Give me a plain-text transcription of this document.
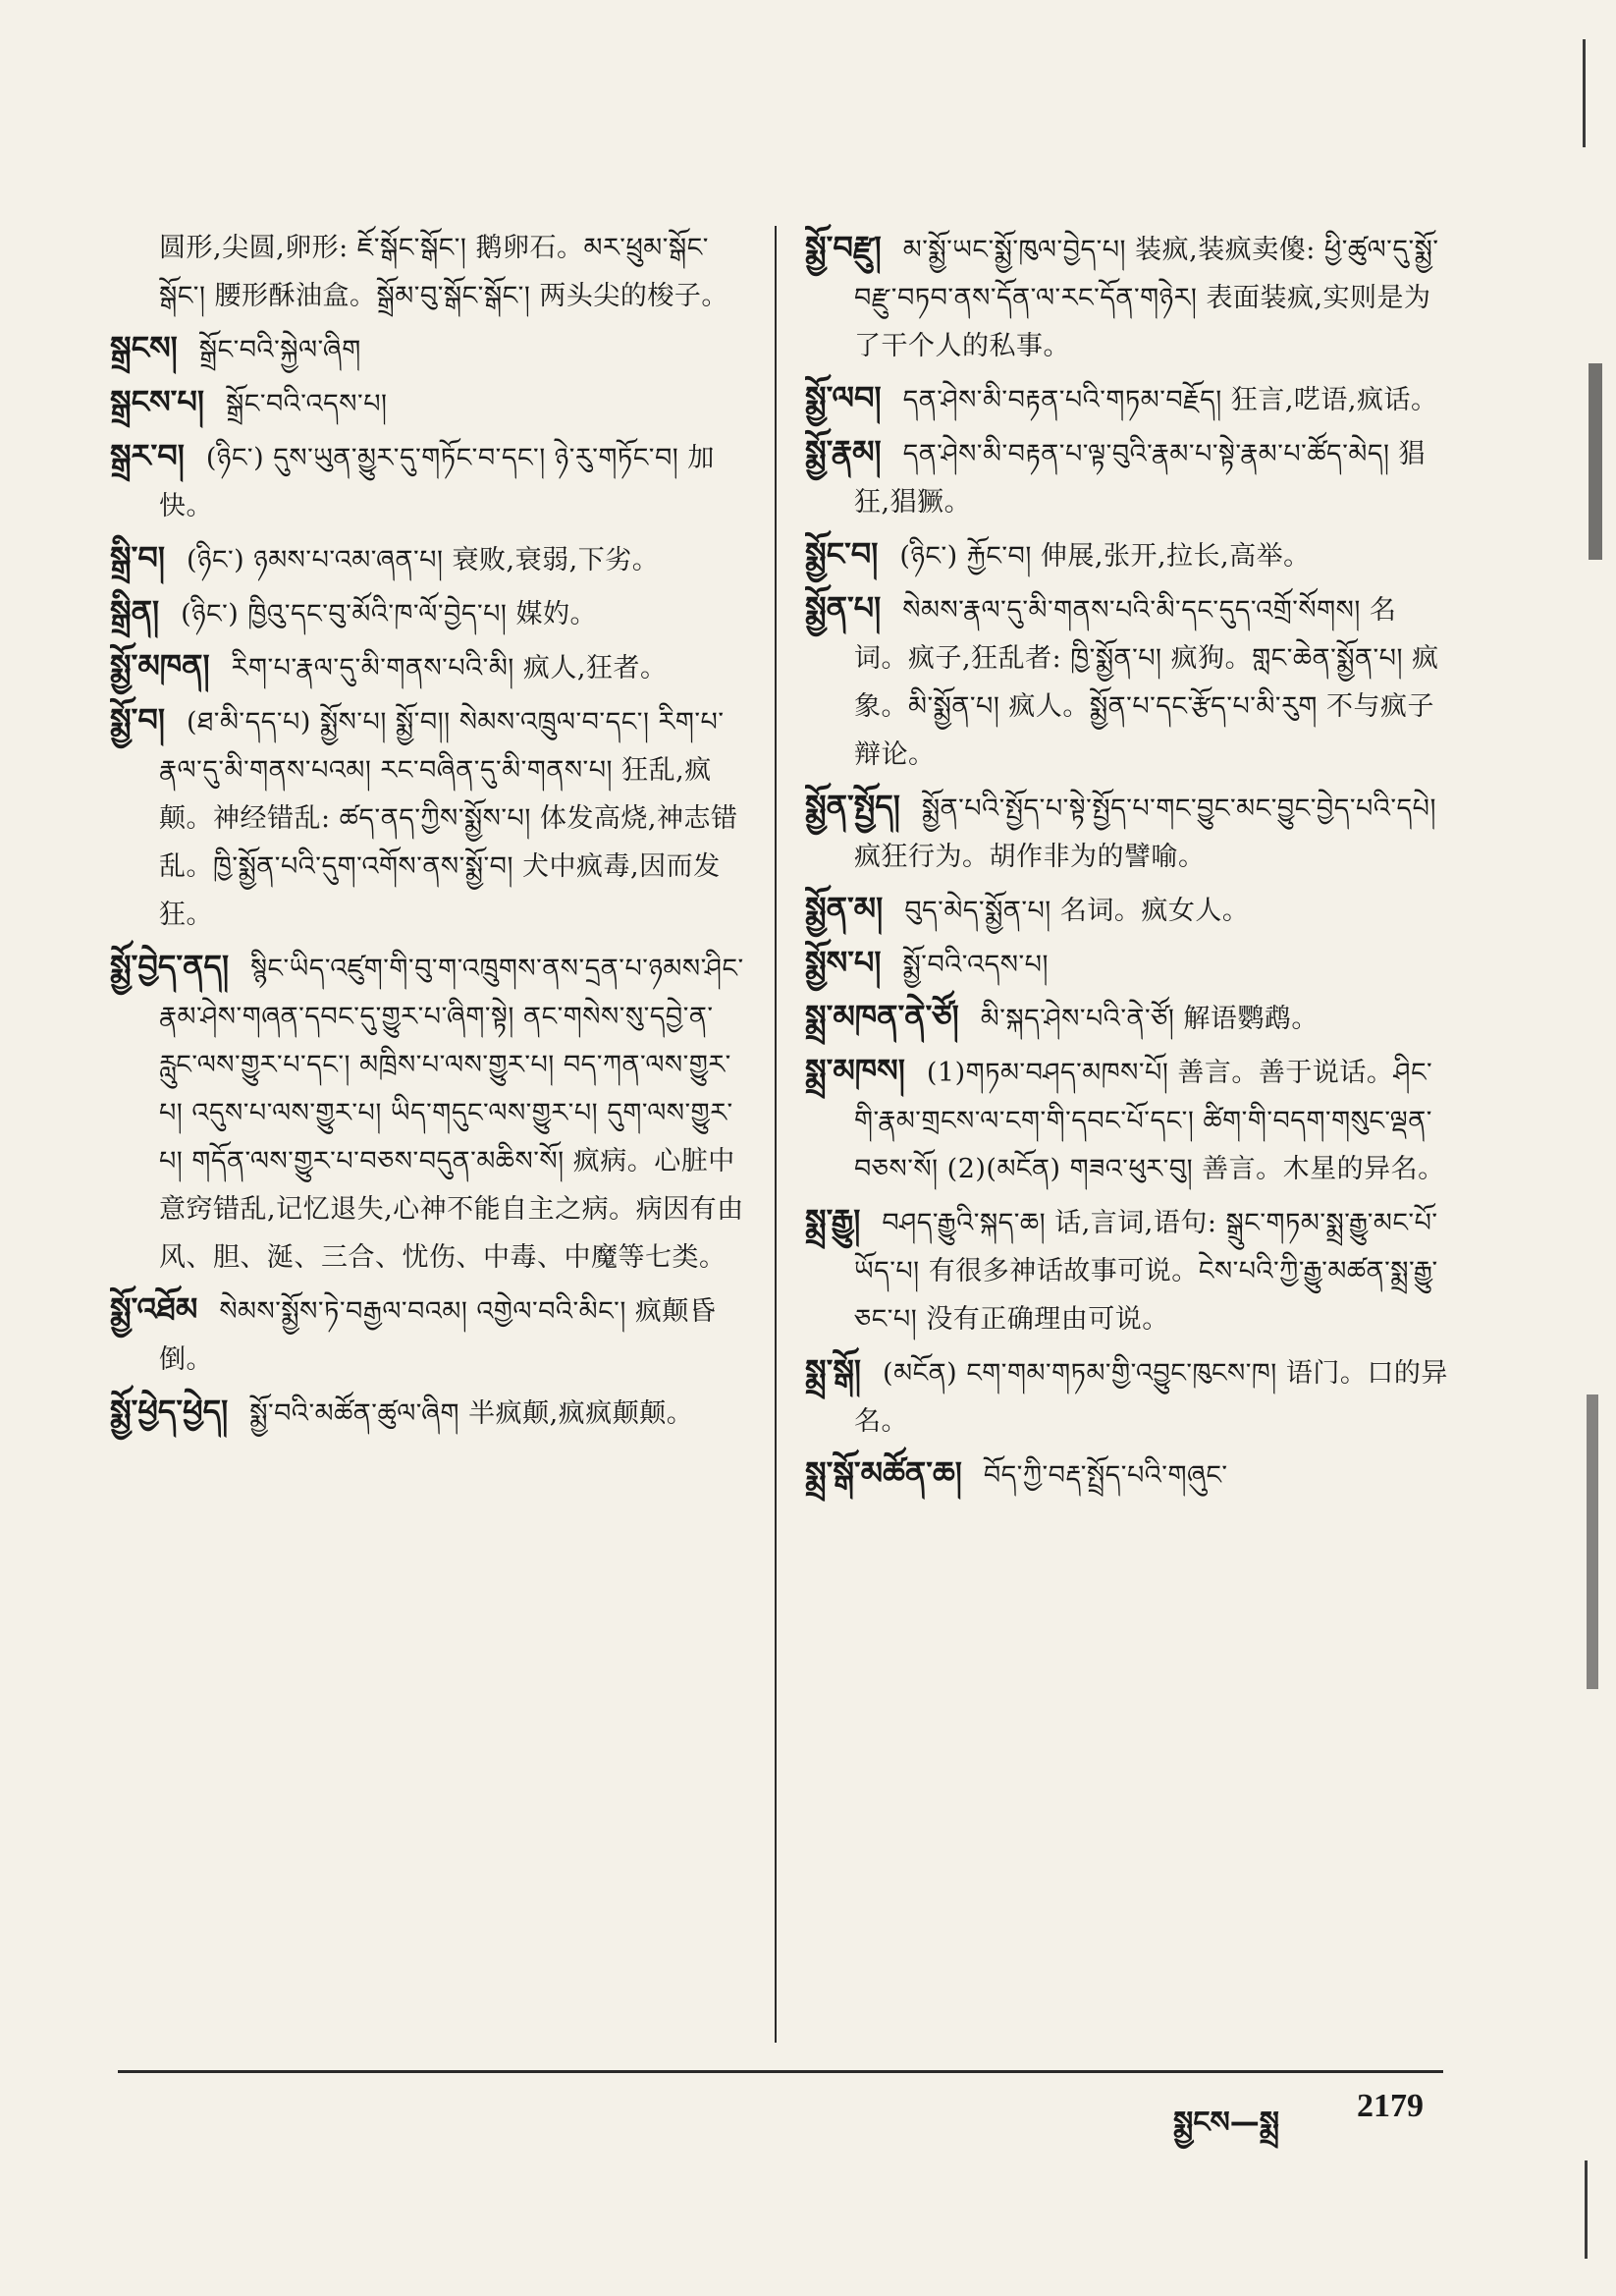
圆形,尖圆,卵形: ཇོ་སྒོང་སྒོང་། 鹅卵石。མར་ཕྲུམ་སྒོང་སྒོང་། 腰形酥油盒。སྒྲོམ་བུ་སྒོང་སྒོང་། 两头尖的梭子。
སྒྲངས། སྒྲོང་བའི་སྐྱེལ་ཞིག
སྒྲངས་པ། སྒྲོང་བའི་འདས་པ།
སྒྲར་བ། (ཉིང་) དུས་ཡུན་མྱུར་དུ་གཏོང་བ་དང་། ཉེ་རུ་གཏོང་བ། 加快。
སྒྲི་བ། (ཉིང་) ཉམས་པ་འམ་ཞན་པ། 衰败,衰弱,下劣。
སྒྲིན། (ཉིང་) ཁྱིའུ་དང་བུ་མོའི་ཁ་ལོ་བྱེད་པ། 媒妁。
སྨྱོ་མཁན། རིག་པ་རྣལ་དུ་མི་གནས་པའི་མི། 疯人,狂者。
སྨྱོ་བ། (ཐ་མི་དད་པ) སྨྱོས་པ། སྨྱོ་བ།། སེམས་འཁྲུལ་བ་དང་། རིག་པ་རྣལ་དུ་མི་གནས་པའམ། རང་བཞིན་དུ་མི་གནས་པ། 狂乱,疯颠。神经错乱: ཚད་ནད་ཀྱིས་སྨྱོས་པ། 体发高烧,神志错乱。ཁྱི་སྨྱོན་པའི་དུག་འགོས་ནས་སྨྱོ་བ། 犬中疯毒,因而发狂。
སྨྱོ་བྱེད་ནད། སྙིང་ཡིད་འཛུག་གི་བུ་ག་འཁྲུགས་ནས་དྲན་པ་ཉམས་ཤིང་རྣམ་ཤེས་གཞན་དབང་དུ་གྱུར་པ་ཞིག་སྟེ། ནང་གསེས་སུ་དབྱེ་ན་རླུང་ལས་གྱུར་པ་དང་། མཁྲིས་པ་ལས་གྱུར་པ། བད་ཀན་ལས་གྱུར་པ། འདུས་པ་ལས་གྱུར་པ། ཡིད་གདུང་ལས་གྱུར་པ། དུག་ལས་གྱུར་པ། གདོན་ལས་གྱུར་པ་བཅས་བདུན་མཆིས་སོ། 疯病。心脏中意窍错乱,记忆退失,心神不能自主之病。病因有由风、胆、涎、三合、忧伤、中毒、中魔等七类。
སྨྱོ་འཐོམ སེམས་སྨྱོས་ཏེ་བརྒྱལ་བའམ། འགྱེལ་བའི་མིང་། 疯颠昏倒。
སྨྱོ་ཕྱེད་ཕྱེད། སྨྱོ་བའི་མཚོན་ཚུལ་ཞིག 半疯颠,疯疯颠颠。
སྨྱོ་བརྫུ། མ་སྨྱོ་ཡང་སྨྱོ་ཁུལ་བྱེད་པ། 装疯,装疯卖傻: ཕྱི་ཚུལ་དུ་སྨྱོ་བརྫུ་བཏབ་ནས་དོན་ལ་རང་དོན་གཉེར། 表面装疯,实则是为了干个人的私事。
སྨྱོ་ལབ། དན་ཤེས་མི་བརྟན་པའི་གཏམ་བརྗོད། 狂言,呓语,疯话。
སྨྱོ་རྣམ། དན་ཤེས་མི་བརྟན་པ་ལྟ་བུའི་རྣམ་པ་སྟེ་རྣམ་པ་ཚོད་མེད། 猖狂,猖獗。
སྨྱོང་བ། (ཉིང་) རྐྱོང་བ། 伸展,张开,拉长,高举。
སྨྱོན་པ། སེམས་རྣལ་དུ་མི་གནས་པའི་མི་དང་དུད་འགྲོ་སོགས། 名词。疯子,狂乱者: ཁྱི་སྨྱོན་པ། 疯狗。གླང་ཆེན་སྨྱོན་པ། 疯象。མི་སྨྱོན་པ། 疯人。སྨྱོན་པ་དང་རྩོད་པ་མི་རུག 不与疯子辩论。
སྨྱོན་སྤྱོད། སྨྱོན་པའི་སྤྱོད་པ་སྟེ་སྤྱོད་པ་གང་བྱུང་མང་བྱུང་བྱེད་པའི་དཔེ། 疯狂行为。胡作非为的譬喻。
སྨྱོན་མ། བུད་མེད་སྨྱོན་པ། 名词。疯女人。
སྨྱོས་པ། སྨྱོ་བའི་འདས་པ།
སྨྲ་མཁན་ནེ་ཙོ། མི་སྐད་ཤེས་པའི་ནེ་ཙོ། 解语鹦鹉。
སྨྲ་མཁས། (1)གཏམ་བཤད་མཁས་པོ། 善言。善于说话。ཤིང་གི་རྣམ་གྲངས་ལ་ངག་གི་དབང་པོ་དང་། ཚིག་གི་བདག་གསུང་ལྡན་བཅས་སོ། (2)(མངོན) གཟའ་ཕུར་བུ། 善言。木星的异名。
སྨྲ་རྒྱུ། བཤད་རྒྱུའི་སྐད་ཆ། 话,言词,语句: སྒྲུང་གཏམ་སྨྲ་རྒྱུ་མང་པོ་ཡོད་པ། 有很多神话故事可说。ངེས་པའི་ཀྱི་རྒྱུ་མཚན་སྨྲ་རྒྱུ་ཅང་པ། 没有正确理由可说。
སྨྲ་སྒོ། (མངོན) ངག་གམ་གཏམ་གྱི་འབྱུང་ཁུངས་ཁ། 语门。口的异名。
སྨྲ་སྒོ་མཚོན་ཆ། བོད་ཀྱི་བརྡ་སྤྲོད་པའི་གཞུང་
སྨྱངས—སྨྲ 2179
